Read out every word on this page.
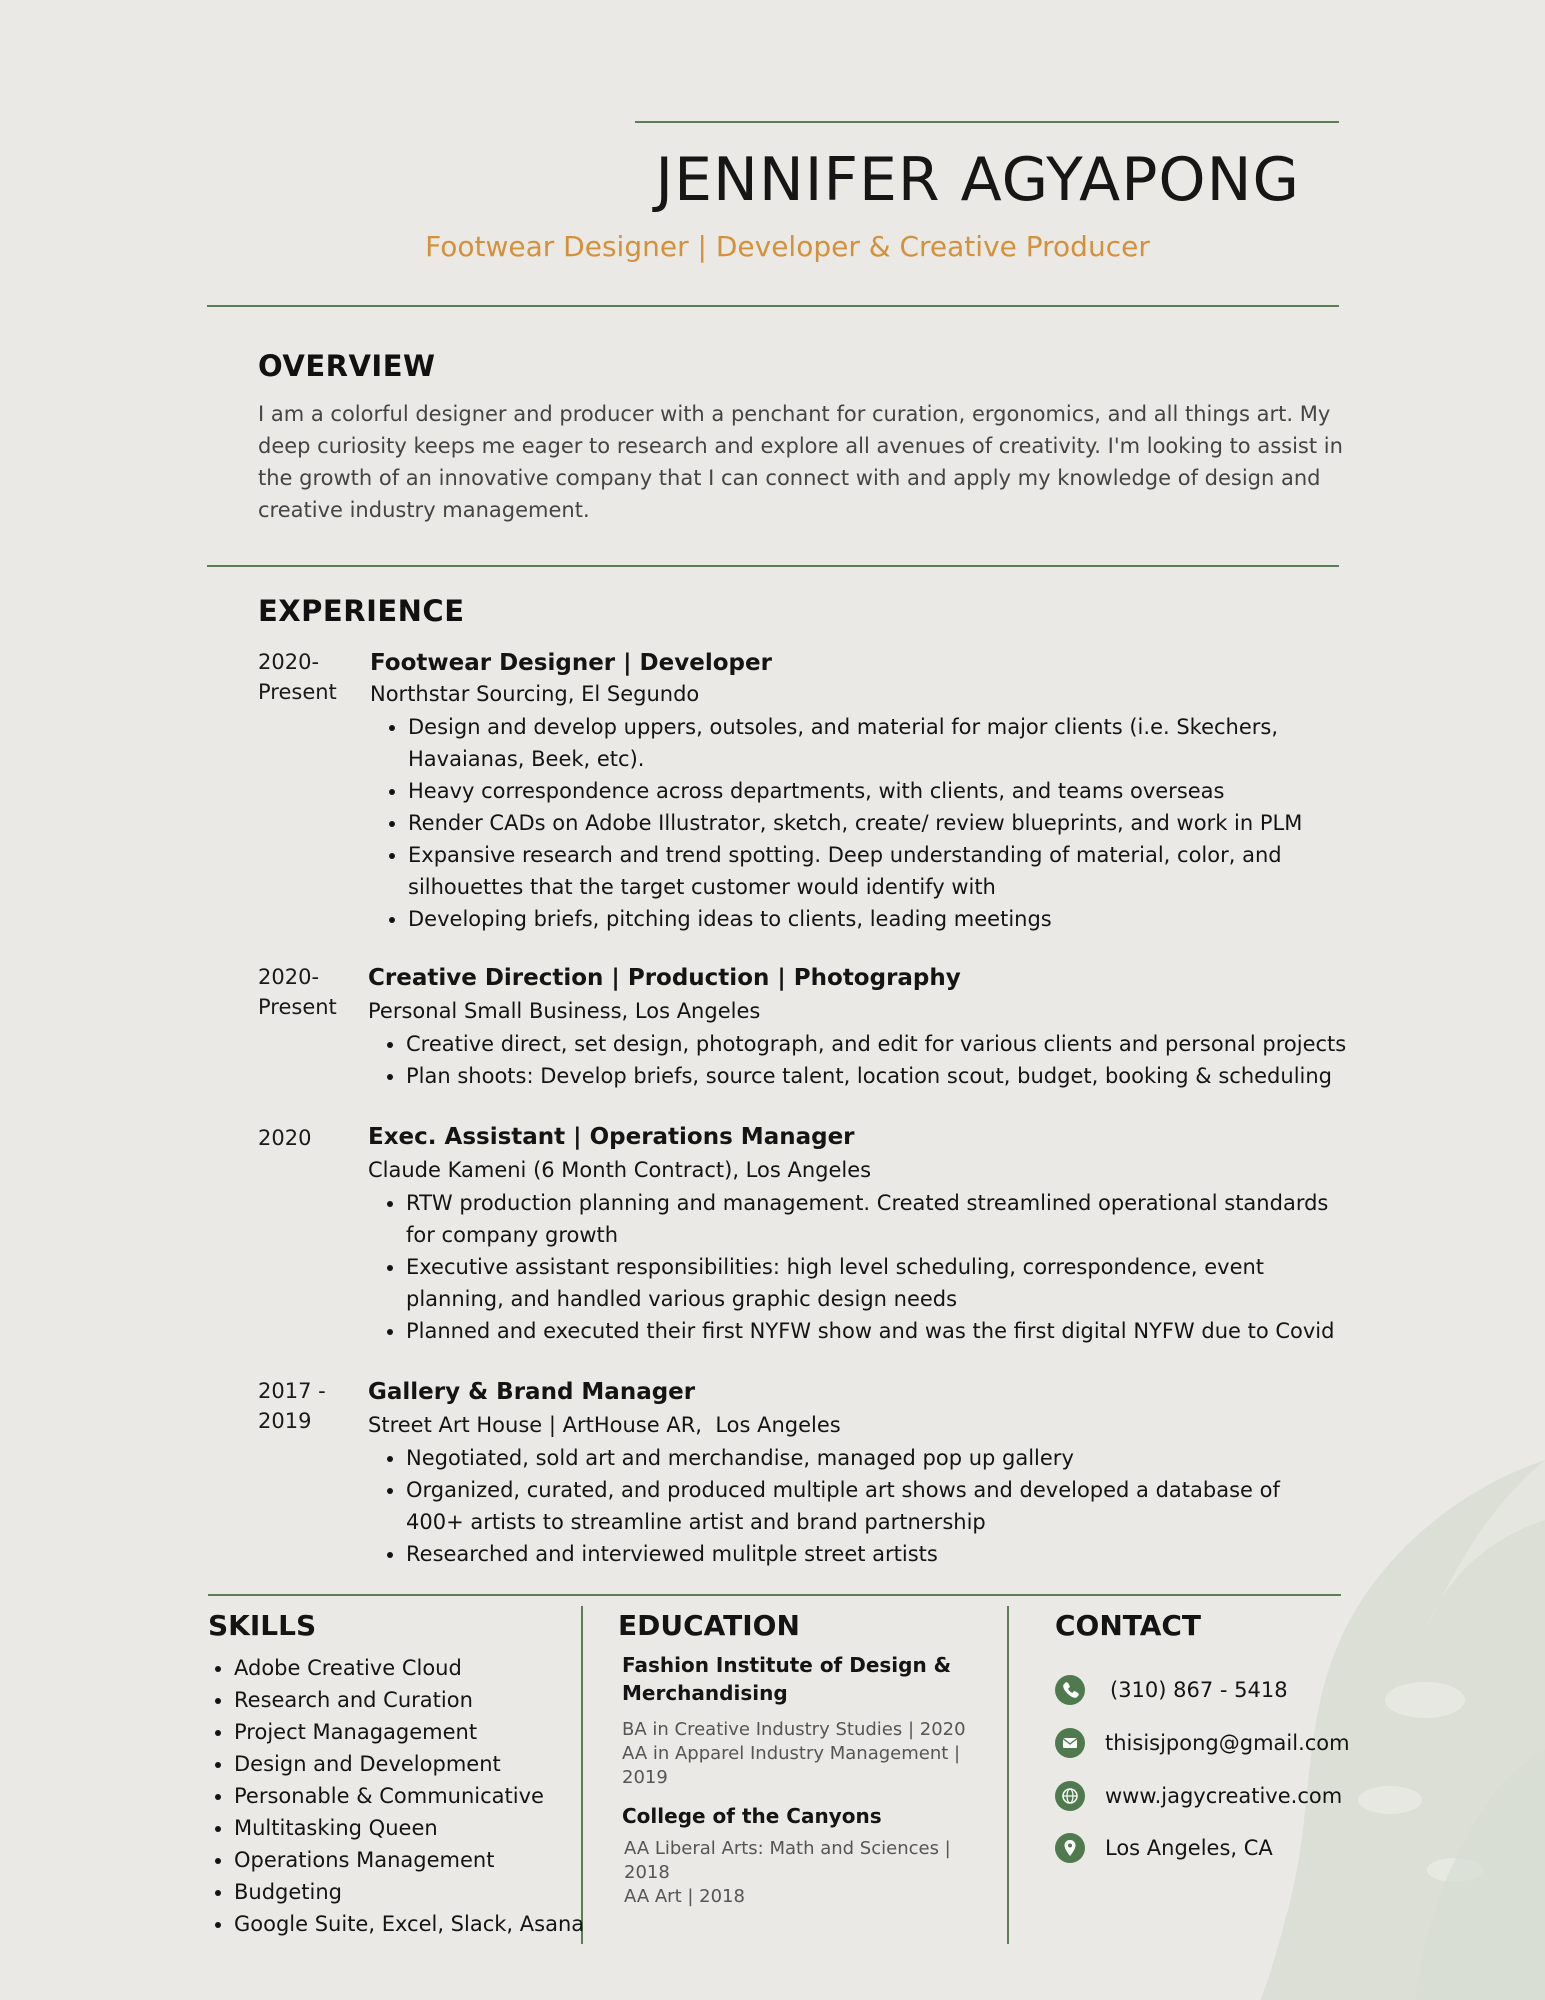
JENNIFER AGYAPONG
Footwear Designer | Developer & Creative Producer
OVERVIEW
I am a colorful designer and producer with a penchant for curation, ergonomics, and all things art. My deep curiosity keeps me eager to research and explore all avenues of creativity. I'm looking to assist in the growth of an innovative company that I can connect with and apply my knowledge of design and creative industry management.
EXPERIENCE
2020-
Present
Footwear Designer | Developer
Northstar Sourcing, El Segundo
• Design and develop uppers, outsoles, and material for major clients (i.e. Skechers, Havaianas, Beek, etc).
• Heavy correspondence across departments, with clients, and teams overseas
• Render CADs on Adobe Illustrator, sketch, create/ review blueprints, and work in PLM
• Expansive research and trend spotting. Deep understanding of material, color, and silhouettes that the target customer would identify with
• Developing briefs, pitching ideas to clients, leading meetings
2020-
Present
Creative Direction | Production | Photography
Personal Small Business, Los Angeles
• Creative direct, set design, photograph, and edit for various clients and personal projects
• Plan shoots: Develop briefs, source talent, location scout, budget, booking & scheduling
2020	Exec. Assistant | Operations Manager
Claude Kameni (6 Month Contract), Los Angeles
• RTW production planning and management. Created streamlined operational standards for company growth
• Executive assistant responsibilities: high level scheduling, correspondence, event planning, and handled various graphic design needs
• Planned and executed their first NYFW show and was the first digital NYFW due to Covid
2017 -
2019
Gallery & Brand Manager
Street Art House | ArtHouse AR,  Los Angeles
• Negotiated, sold art and merchandise, managed pop up gallery
• Organized, curated, and produced multiple art shows and developed a database of 400+ artists to streamline artist and brand partnership
• Researched and interviewed mulitple street artists
SKILLS
• Adobe Creative Cloud
• Research and Curation
• Project Managagement
• Design and Development
• Personable & Communicative
• Multitasking Queen
• Operations Management
• Budgeting
• Google Suite, Excel, Slack, Asana
EDUCATION
Fashion Institute of Design & Merchandising
BA in Creative Industry Studies | 2020
AA in Apparel Industry Management | 2019
College of the Canyons
AA Liberal Arts: Math and Sciences | 2018
AA Art | 2018
CONTACT
(310) 867 - 5418
thisisjpong@gmail.com
www.jagycreative.com
Los Angeles, CA
